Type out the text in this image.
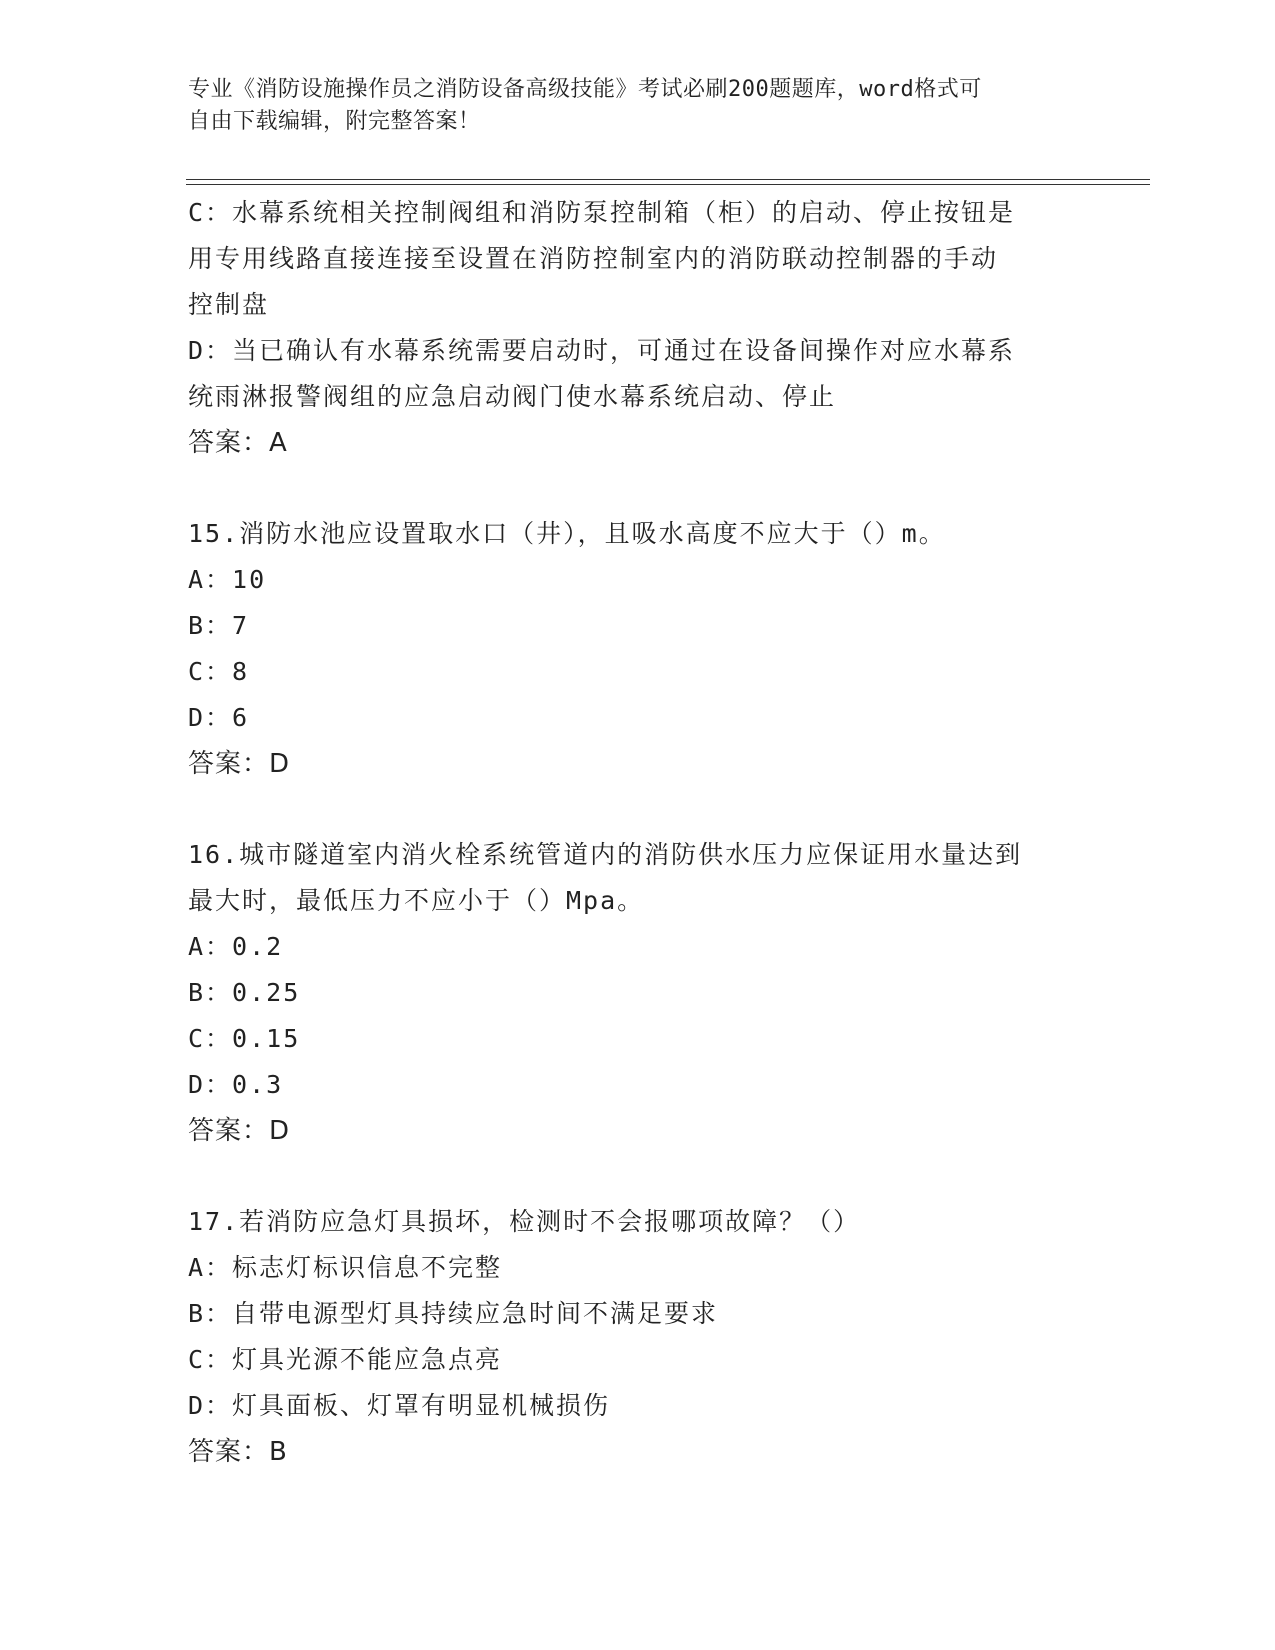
专业《消防设施操作员之消防设备高级技能》考试必刷200题题库，word格式可
自由下载编辑，附完整答案！
C：水幕系统相关控制阀组和消防泵控制箱（柜）的启动、停止按钮是
用专用线路直接连接至设置在消防控制室内的消防联动控制器的手动
控制盘
D：当已确认有水幕系统需要启动时，可通过在设备间操作对应水幕系
统雨淋报警阀组的应急启动阀门使水幕系统启动、停止
答案：A
15.消防水池应设置取水口（井），且吸水高度不应大于（）m。
A：10
B：7
C：8
D：6
答案：D
16.城市隧道室内消火栓系统管道内的消防供水压力应保证用水量达到
最大时，最低压力不应小于（）Mpa。
A：0.2
B：0.25
C：0.15
D：0.3
答案：D
17.若消防应急灯具损坏，检测时不会报哪项故障？（）
A：标志灯标识信息不完整
B：自带电源型灯具持续应急时间不满足要求
C：灯具光源不能应急点亮
D：灯具面板、灯罩有明显机械损伤
答案：B
